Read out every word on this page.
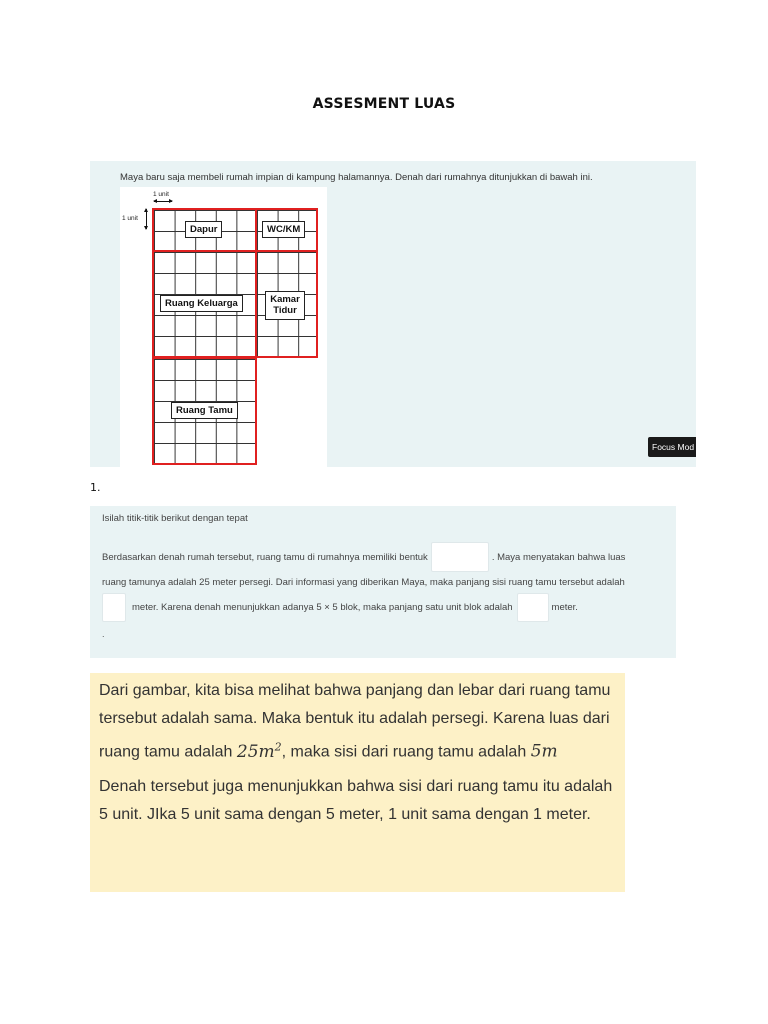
ASSESMENT LUAS
Maya baru saja membeli rumah impian di kampung halamannya. Denah dari rumahnya ditunjukkan di bawah ini.
1 unit
1 unit
Dapur	WC/KM
Ruang Keluarga	Kamar
Tidur
Ruang Tamu
Focus Mod
1.
Isilah titik-titik berikut dengan tepat
Berdasarkan denah rumah tersebut, ruang tamu di rumahnya memiliki bentuk	. Maya menyatakan bahwa luas
ruang tamunya adalah 25 meter persegi. Dari informasi yang diberikan Maya, maka panjang sisi ruang tamu tersebut adalah
meter. Karena denah menunjukkan adanya 5 × 5 blok, maka panjang satu unit blok adalah	meter.
.

Dari gambar, kita bisa melihat bahwa panjang dan lebar dari ruang tamu tersebut adalah sama. Maka bentuk itu adalah persegi. Karena luas dari ruang tamu adalah $25m^2$, maka sisi dari ruang tamu adalah 5m

Denah tersebut juga menunjukkan bahwa sisi dari ruang tamu itu adalah 5 unit. JIka 5 unit sama dengan 5 meter, 1 unit sama dengan 1 meter.
